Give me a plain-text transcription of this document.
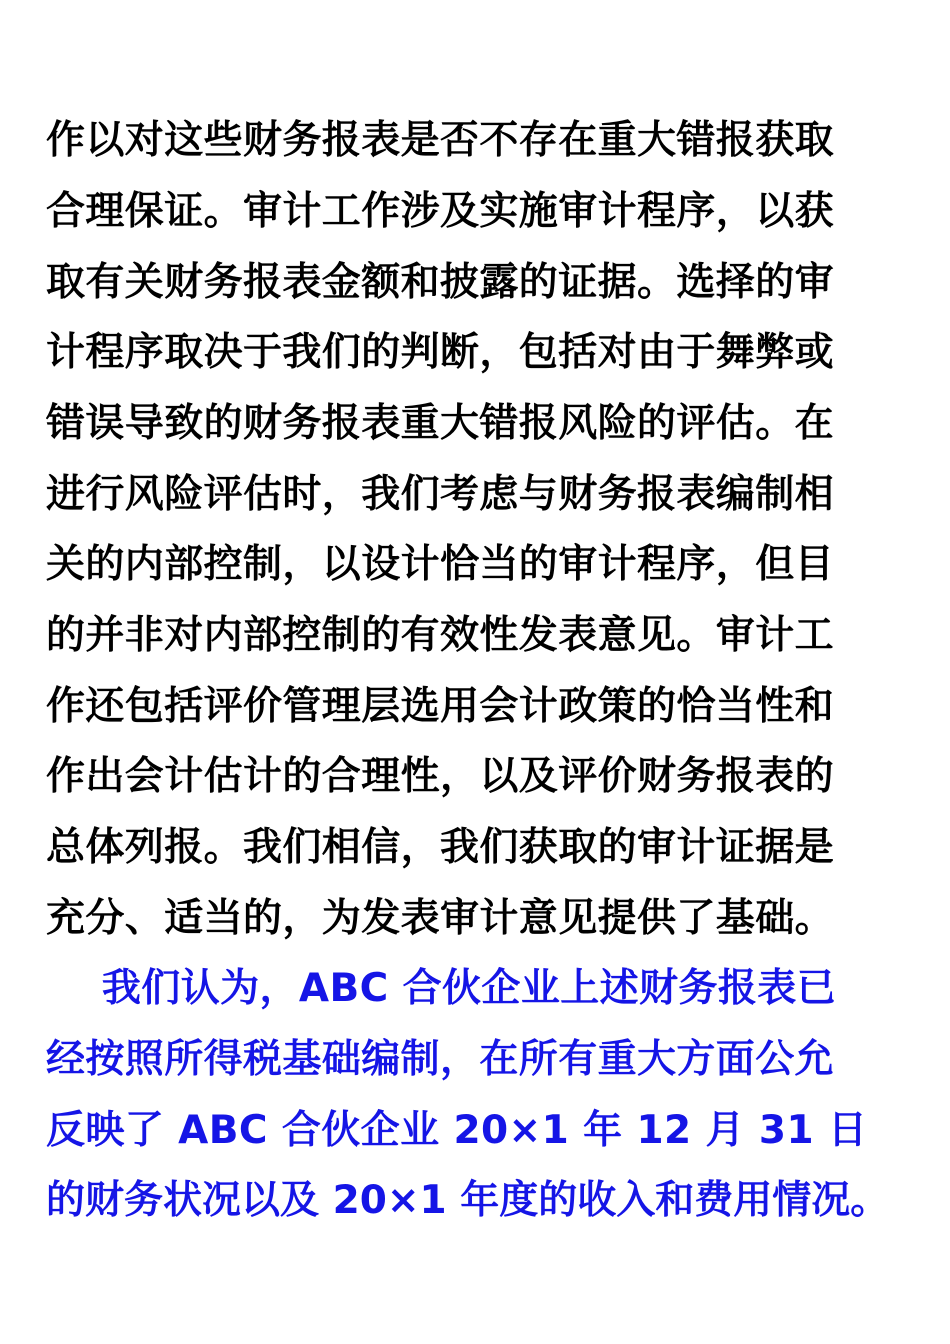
作以对这些财务报表是否不存在重大错报获取
合理保证。审计工作涉及实施审计程序，以获
取有关财务报表金额和披露的证据。选择的审
计程序取决于我们的判断，包括对由于舞弊或
错误导致的财务报表重大错报风险的评估。在
进行风险评估时，我们考虑与财务报表编制相
关的内部控制，以设计恰当的审计程序，但目
的并非对内部控制的有效性发表意见。审计工
作还包括评价管理层选用会计政策的恰当性和
作出会计估计的合理性，以及评价财务报表的
总体列报。我们相信，我们获取的审计证据是
充分、适当的，为发表审计意见提供了基础。
我们认为，ABC 合伙企业上述财务报表已
经按照所得税基础编制，在所有重大方面公允
反映了 ABC 合伙企业 20×1 年 12 月 31 日
的财务状况以及 20×1 年度的收入和费用情况。
